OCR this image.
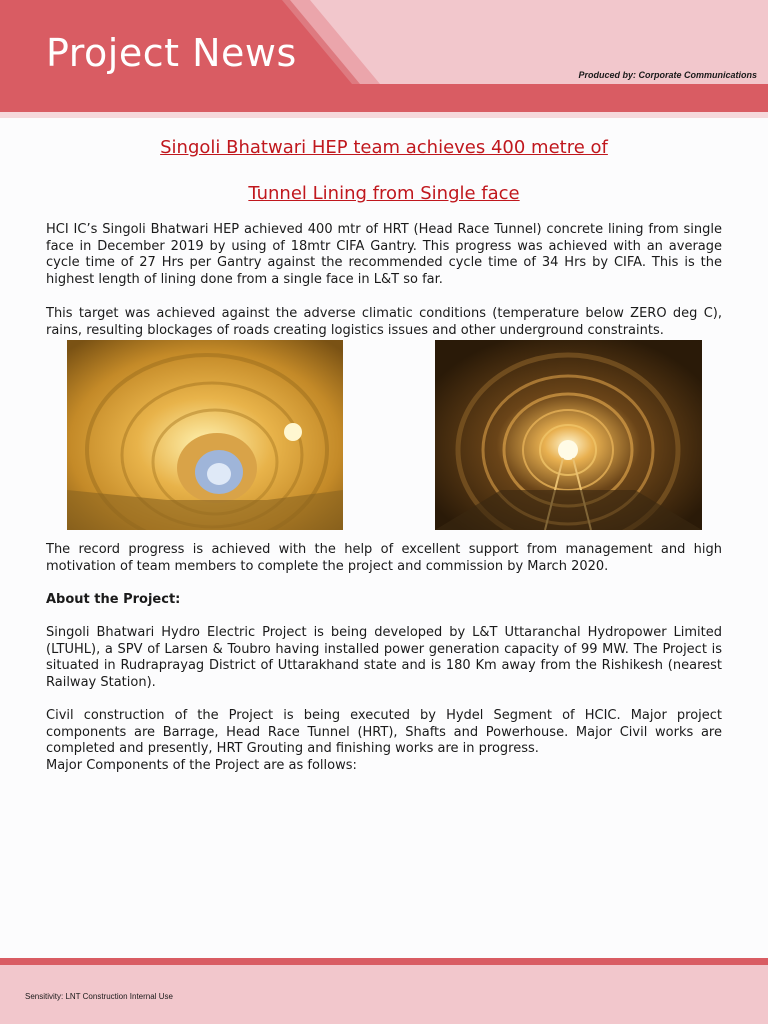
Project News	Produced by: Corporate Communications
Singoli Bhatwari HEP team achieves 400 metre of
Tunnel Lining from Single face

HCI IC’s Singoli Bhatwari HEP achieved 400 mtr of HRT (Head Race Tunnel) concrete lining from single face in December 2019 by using of 18mtr CIFA Gantry. This progress was achieved with an average cycle time of 27 Hrs per Gantry against the recommended cycle time of 34 Hrs by CIFA. This is the highest length of lining done from a single face in L&T so far.

This target was achieved against the adverse climatic conditions (temperature below ZERO deg C), rains, resulting blockages of roads creating logistics issues and other underground constraints.

The record progress is achieved with the help of excellent support from management and high motivation of team members to complete the project and commission by March 2020.

About the Project:

Singoli Bhatwari Hydro Electric Project is being developed by L&T Uttaranchal Hydropower Limited (LTUHL), a SPV of Larsen & Toubro having installed power generation capacity of 99 MW. The Project is situated in Rudraprayag District of Uttarakhand state and is 180 Km away from the Rishikesh (nearest Railway Station).

Civil construction of the Project is being executed by Hydel Segment of HCIC. Major project components are Barrage, Head Race Tunnel (HRT), Shafts and Powerhouse. Major Civil works are completed and presently, HRT Grouting and finishing works are in progress.

Major Components of the Project are as follows:

Sensitivity: LNT Construction Internal Use
